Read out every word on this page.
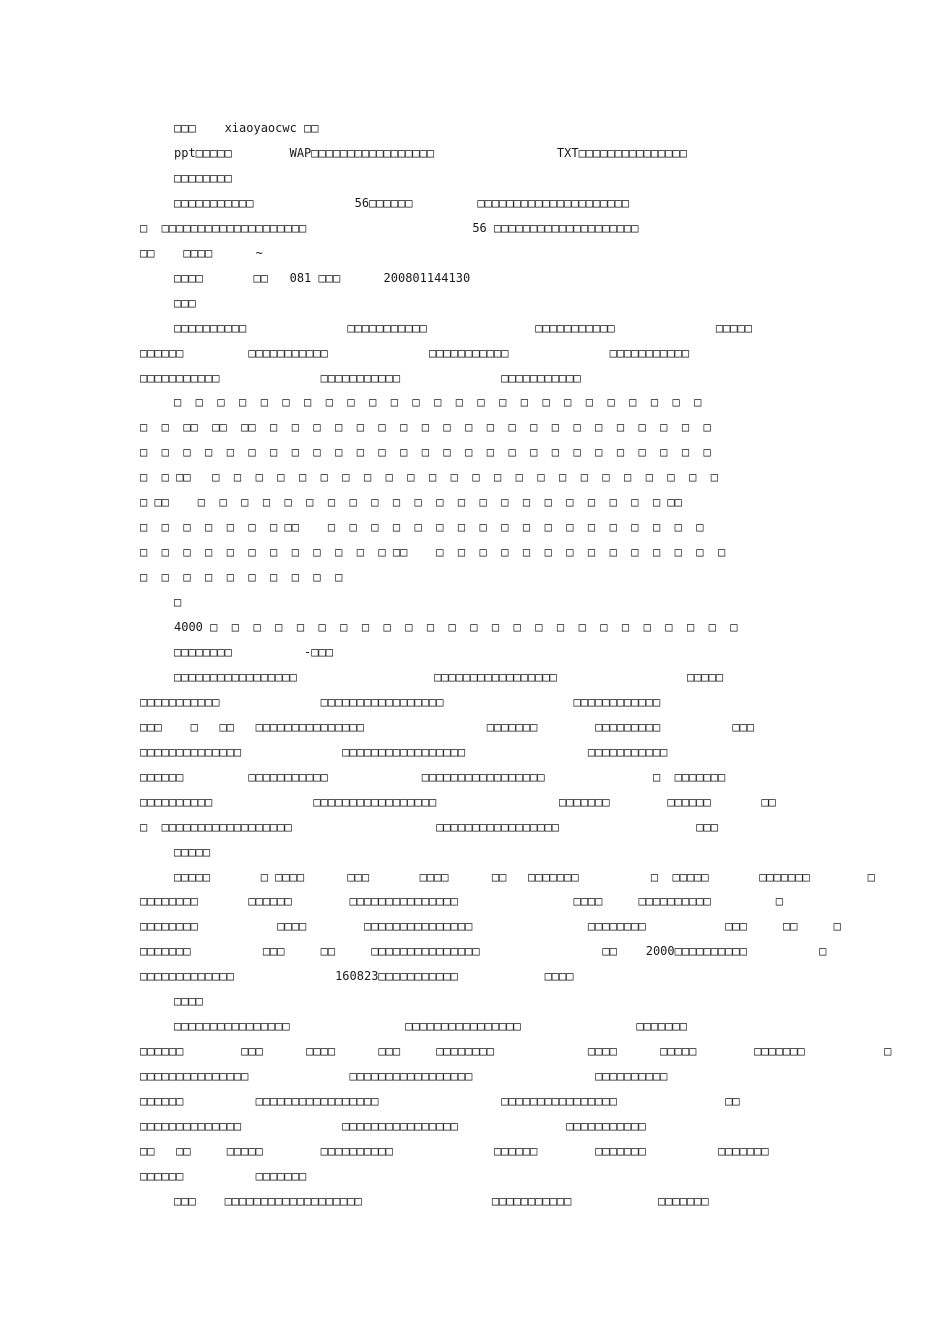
□□□    xiaoyaocwc □□
ppt□□□□□        WAP□□□□□□□□□□□□□□□□□                 TXT□□□□□□□□□□□□□□□
□□□□□□□□
□□□□□□□□□□□              56□□□□□□         □□□□□□□□□□□□□□□□□□□□□
□  □□□□□□□□□□□□□□□□□□□□                       56 □□□□□□□□□□□□□□□□□□□□
□□    □□□□      ~
□□□□       □□   081 □□□      200801144130
□□□
□□□□□□□□□□              □□□□□□□□□□□               □□□□□□□□□□□              □□□□□
□□□□□□         □□□□□□□□□□□              □□□□□□□□□□□              □□□□□□□□□□□
□□□□□□□□□□□              □□□□□□□□□□□              □□□□□□□□□□□
□  □  □  □  □  □  □  □  □  □  □  □  □  □  □  □  □  □  □  □  □  □  □  □  □
□  □  □□  □□  □□  □  □  □  □  □  □  □  □  □  □  □  □  □  □  □  □  □  □  □  □  □
□  □  □  □  □  □  □  □  □  □  □  □  □  □  □  □  □  □  □  □  □  □  □  □  □  □  □
□  □ □□   □  □  □  □  □  □  □  □  □  □  □  □  □  □  □  □  □  □  □  □  □  □  □  □
□ □□    □  □  □  □  □  □  □  □  □  □  □  □  □  □  □  □  □  □  □  □  □  □ □□
□  □  □  □  □  □  □ □□    □  □  □  □  □  □  □  □  □  □  □  □  □  □  □  □  □  □
□  □  □  □  □  □  □  □  □  □  □  □ □□    □  □  □  □  □  □  □  □  □  □  □  □  □  □
□  □  □  □  □  □  □  □  □  □
□
4000 □  □  □  □  □  □  □  □  □  □  □  □  □  □  □  □  □  □  □  □  □  □  □  □  □
□□□□□□□□          -□□□
□□□□□□□□□□□□□□□□□                   □□□□□□□□□□□□□□□□□                  □□□□□
□□□□□□□□□□□              □□□□□□□□□□□□□□□□□                  □□□□□□□□□□□□
□□□    □   □□   □□□□□□□□□□□□□□□                 □□□□□□□        □□□□□□□□□          □□□
□□□□□□□□□□□□□□              □□□□□□□□□□□□□□□□□                 □□□□□□□□□□□
□□□□□□         □□□□□□□□□□□             □□□□□□□□□□□□□□□□□               □  □□□□□□□
□□□□□□□□□□              □□□□□□□□□□□□□□□□□                 □□□□□□□        □□□□□□       □□
□  □□□□□□□□□□□□□□□□□□                    □□□□□□□□□□□□□□□□□                   □□□
□□□□□
□□□□□       □ □□□□      □□□       □□□□      □□   □□□□□□□          □  □□□□□       □□□□□□□        □
□□□□□□□□       □□□□□□        □□□□□□□□□□□□□□□                □□□□     □□□□□□□□□□         □
□□□□□□□□           □□□□        □□□□□□□□□□□□□□□                □□□□□□□□           □□□     □□     □
□□□□□□□          □□□     □□     □□□□□□□□□□□□□□□                 □□    2000□□□□□□□□□□          □
□□□□□□□□□□□□□              160823□□□□□□□□□□□            □□□□
□□□□
□□□□□□□□□□□□□□□□                □□□□□□□□□□□□□□□□                □□□□□□□
□□□□□□        □□□      □□□□      □□□     □□□□□□□□             □□□□      □□□□□        □□□□□□□           □
□□□□□□□□□□□□□□□              □□□□□□□□□□□□□□□□□                 □□□□□□□□□□
□□□□□□          □□□□□□□□□□□□□□□□□                 □□□□□□□□□□□□□□□□               □□
□□□□□□□□□□□□□□              □□□□□□□□□□□□□□□□               □□□□□□□□□□□
□□   □□     □□□□□        □□□□□□□□□□              □□□□□□        □□□□□□□          □□□□□□□
□□□□□□          □□□□□□□
□□□    □□□□□□□□□□□□□□□□□□□                  □□□□□□□□□□□            □□□□□□□
